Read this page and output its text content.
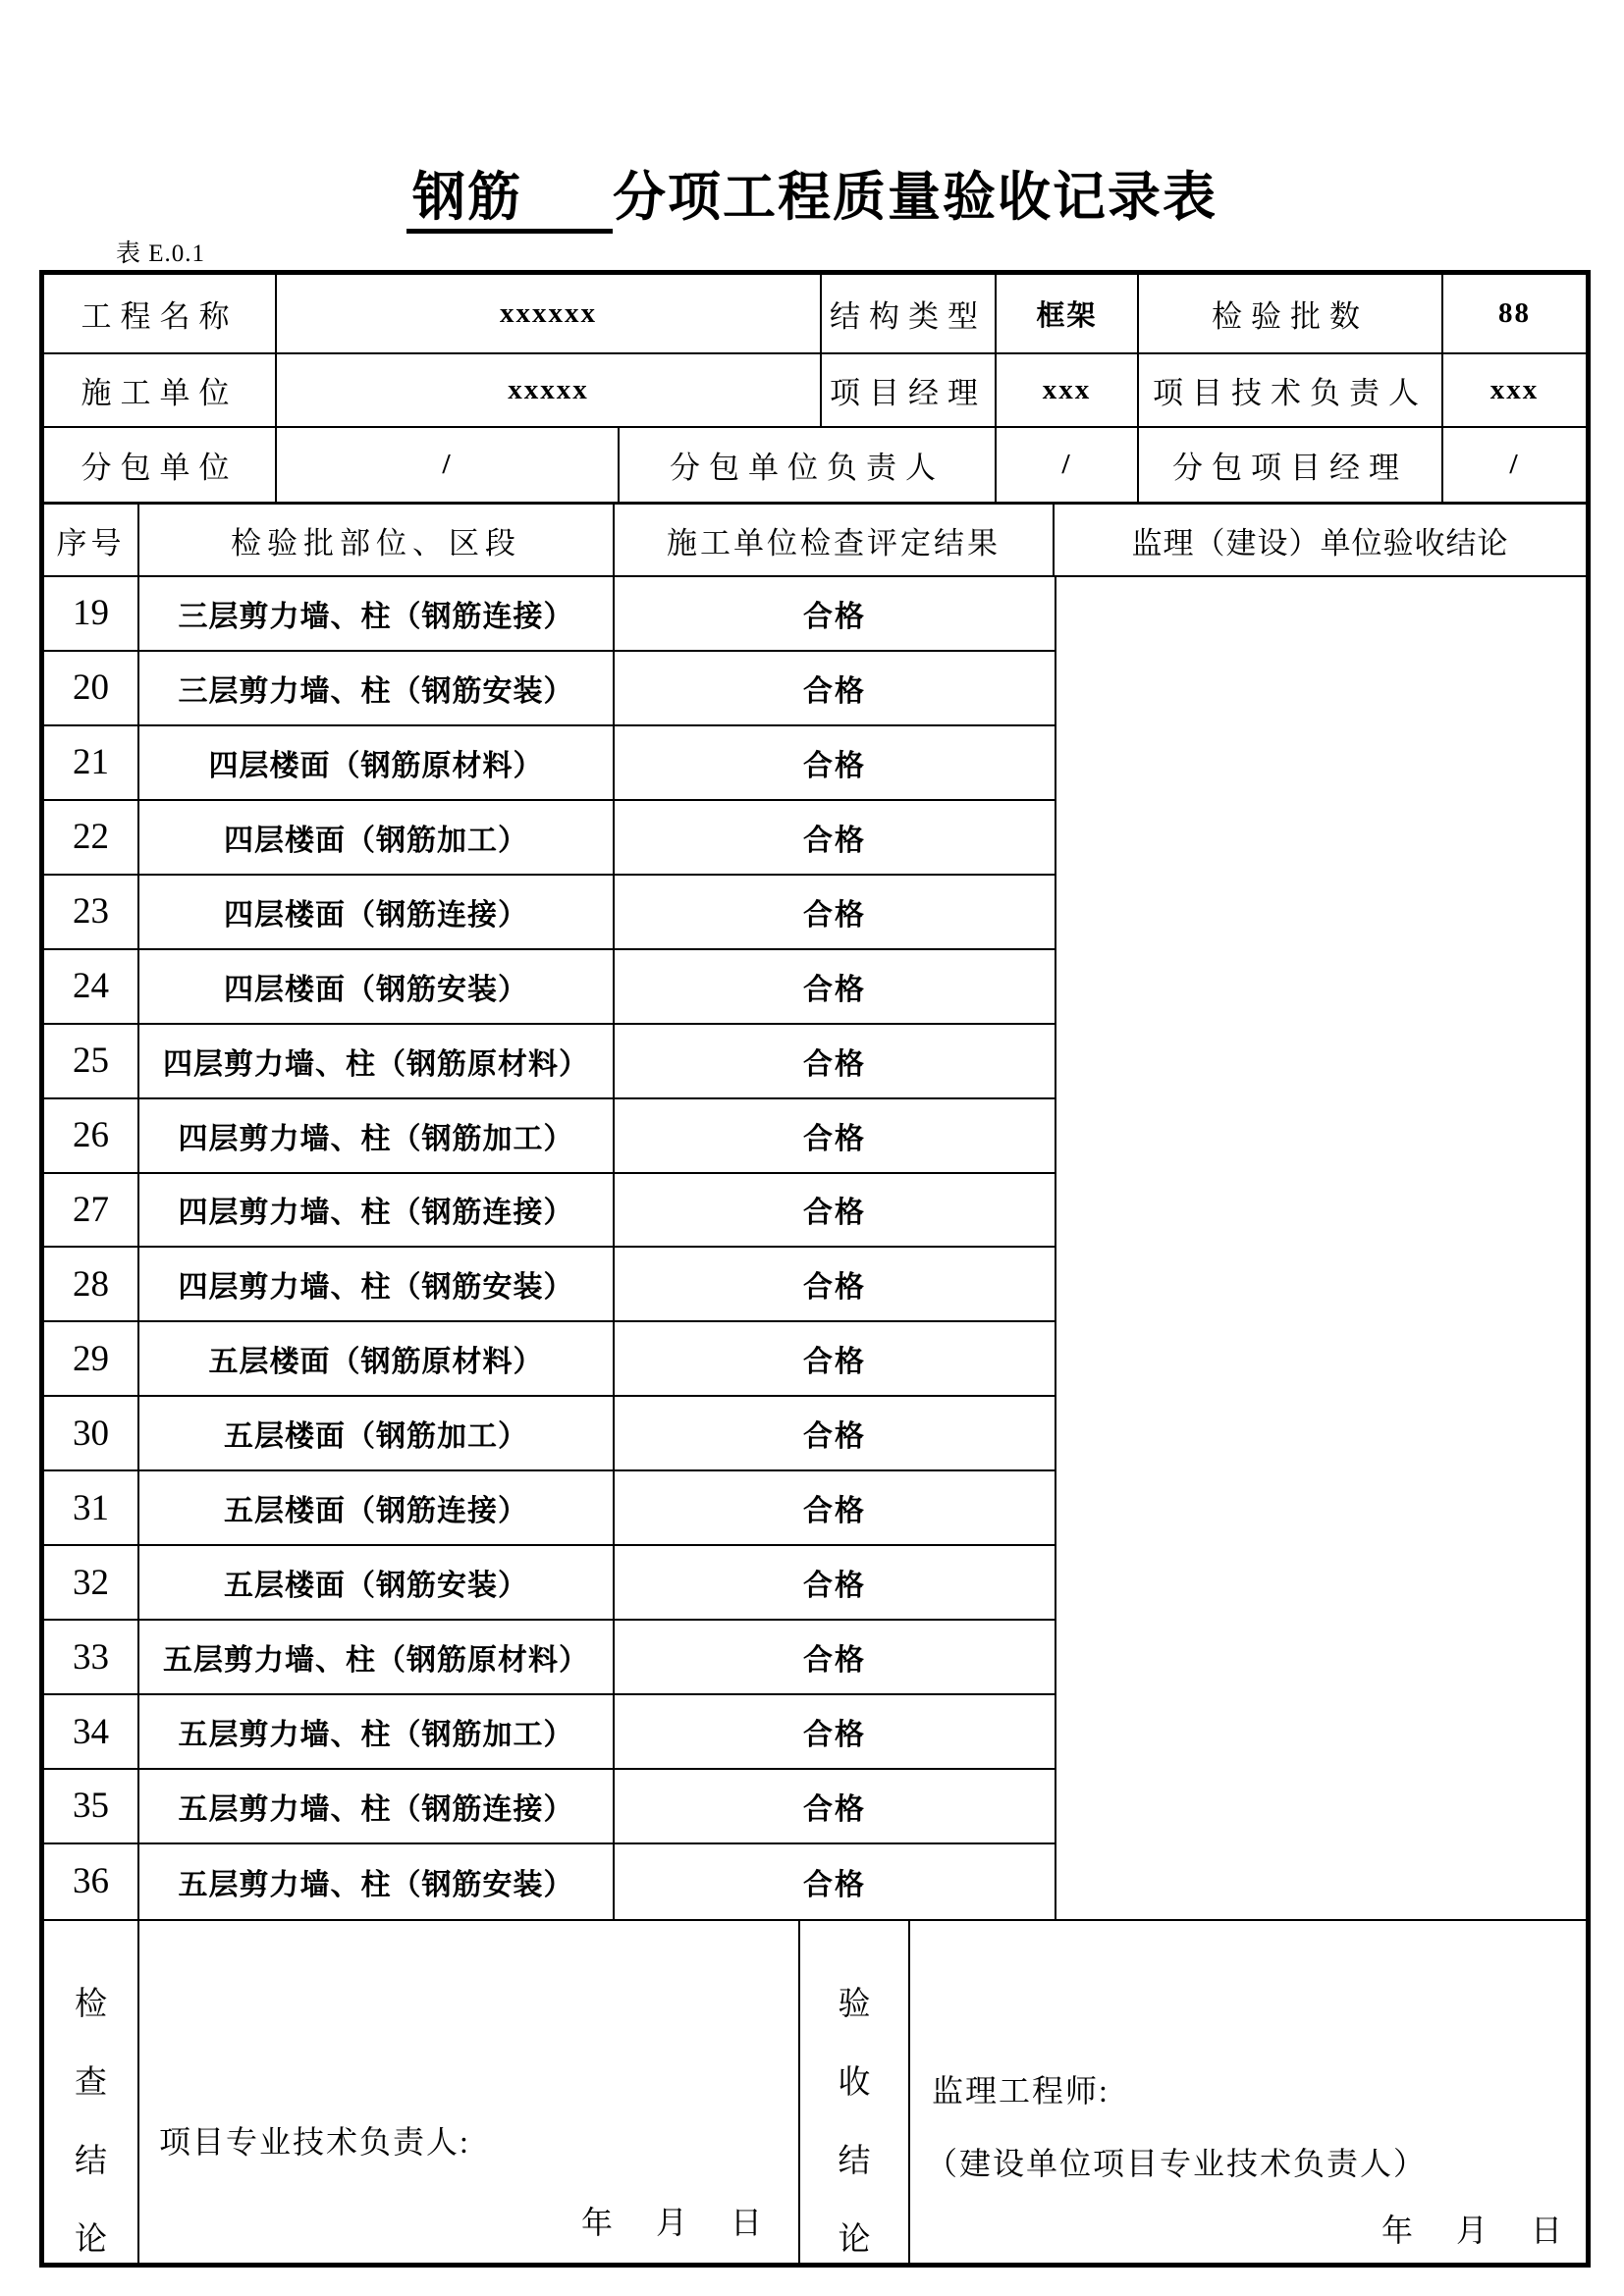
钢筋　分项工程质量验收记录表
表 E.0.1
工程名称	xxxxxx	结构类型	框架	检验批数	88
施工单位	xxxxx	项目经理	xxx	项目技术负责人	xxx
分包单位	/	分包单位负责人	/	分包项目经理	/
序号	检验批部位、区段	施工单位检查评定结果	监理（建设）单位验收结论
19	三层剪力墙、柱（钢筋连接）	合格
20	三层剪力墙、柱（钢筋安装）	合格
21	四层楼面（钢筋原材料）	合格
22	四层楼面（钢筋加工）	合格
23	四层楼面（钢筋连接）	合格
24	四层楼面（钢筋安装）	合格
25	四层剪力墙、柱（钢筋原材料）	合格
26	四层剪力墙、柱（钢筋加工）	合格
27	四层剪力墙、柱（钢筋连接）	合格
28	四层剪力墙、柱（钢筋安装）	合格
29	五层楼面（钢筋原材料）	合格
30	五层楼面（钢筋加工）	合格
31	五层楼面（钢筋连接）	合格
32	五层楼面（钢筋安装）	合格
33	五层剪力墙、柱（钢筋原材料）	合格
34	五层剪力墙、柱（钢筋加工）	合格
35	五层剪力墙、柱（钢筋连接）	合格
36	五层剪力墙、柱（钢筋安装）	合格
检
查
结
论
项目专业技术负责人:
年 月 日
验
收
结
论
监理工程师:
（建设单位项目专业技术负责人）
年 月 日
